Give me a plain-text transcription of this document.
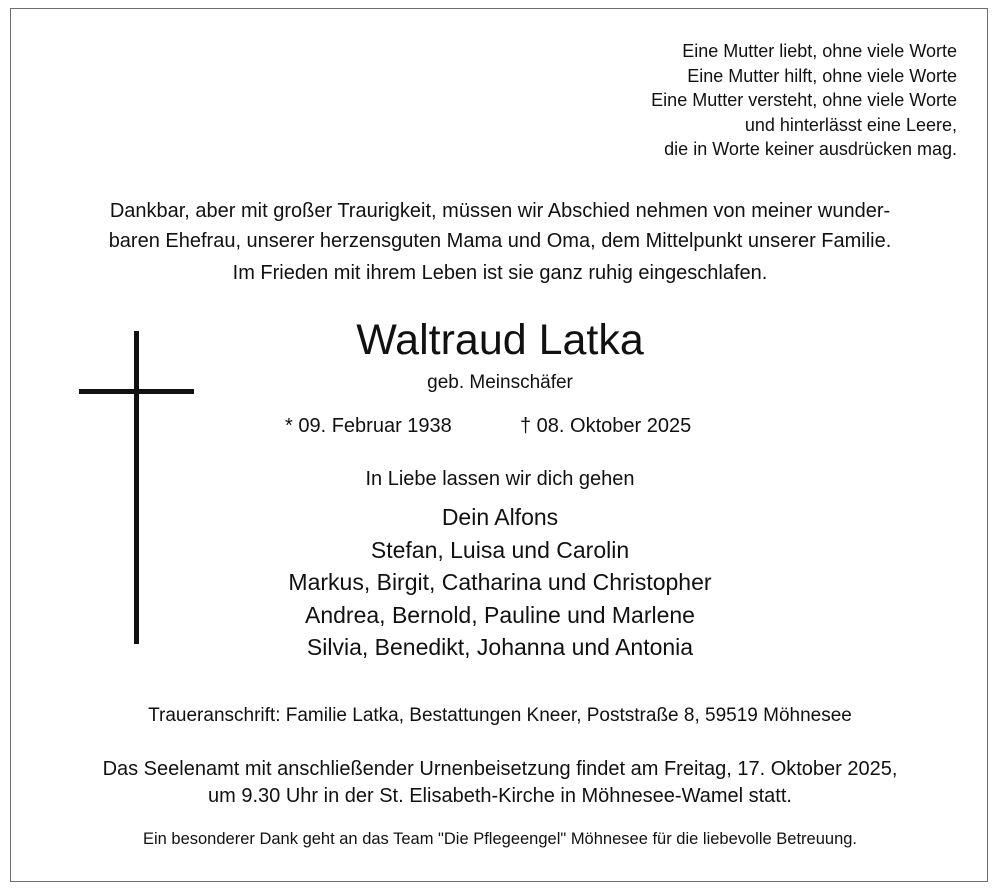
Eine Mutter liebt, ohne viele Worte
Eine Mutter hilft, ohne viele Worte
Eine Mutter versteht, ohne viele Worte
und hinterlässt eine Leere,
die in Worte keiner ausdrücken mag.
Dankbar, aber mit großer Traurigkeit, müssen wir Abschied nehmen von meiner wunder-
baren Ehefrau, unserer herzensguten Mama und Oma, dem Mittelpunkt unserer Familie.
Im Frieden mit ihrem Leben ist sie ganz ruhig eingeschlafen.
Waltraud Latka
geb. Meinschäfer
* 09. Februar 1938	† 08. Oktober 2025
In Liebe lassen wir dich gehen
Dein Alfons
Stefan, Luisa und Carolin
Markus, Birgit, Catharina und Christopher
Andrea, Bernold, Pauline und Marlene
Silvia, Benedikt, Johanna und Antonia
Traueranschrift: Familie Latka, Bestattungen Kneer, Poststraße 8, 59519 Möhnesee
Das Seelenamt mit anschließender Urnenbeisetzung findet am Freitag, 17. Oktober 2025,
um 9.30 Uhr in der St. Elisabeth-Kirche in Möhnesee-Wamel statt.
Ein besonderer Dank geht an das Team "Die Pflegeengel" Möhnesee für die liebevolle Betreuung.
